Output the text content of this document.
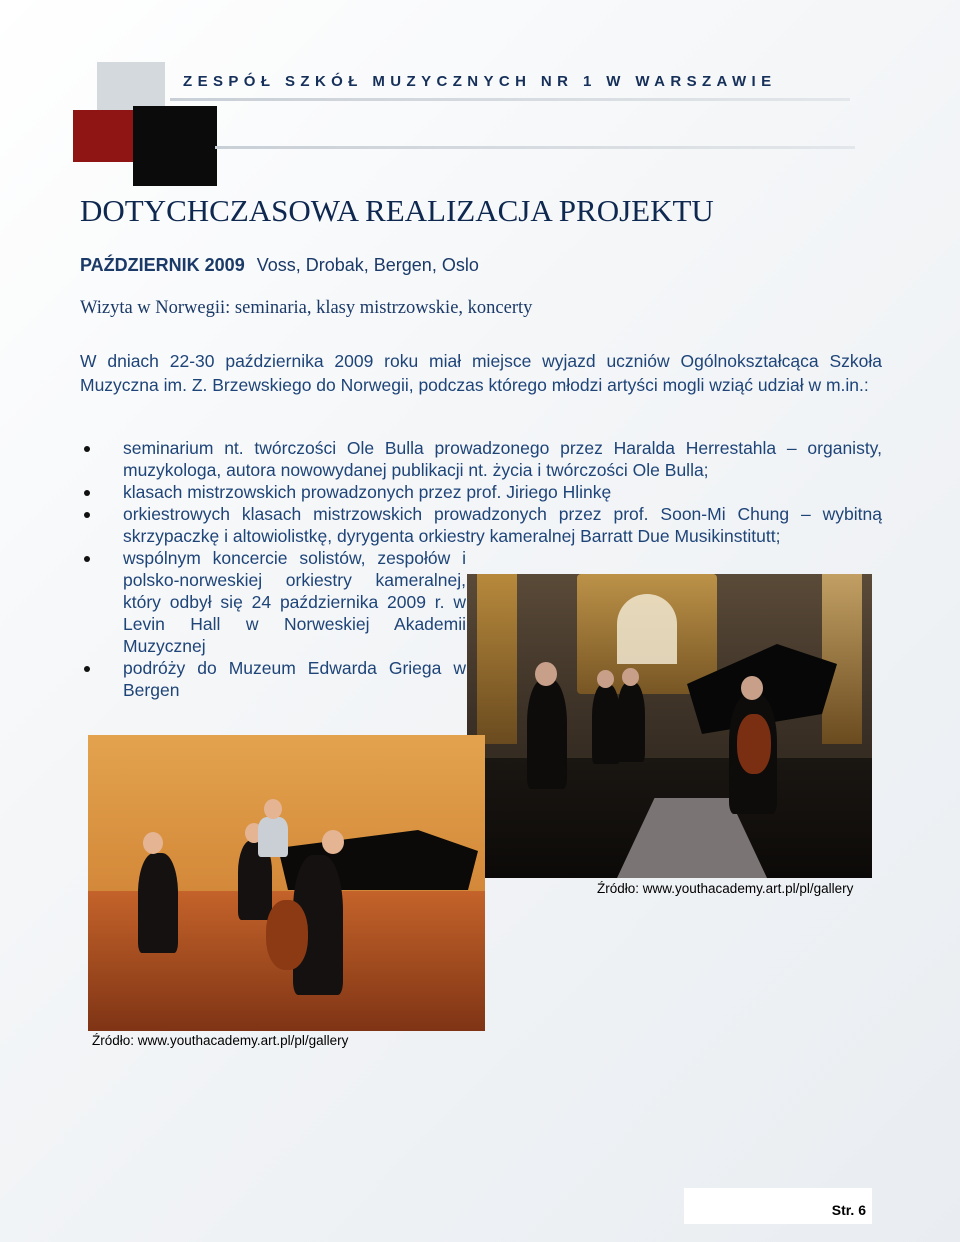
ZESPÓŁ SZKÓŁ MUZYCZNYCH NR 1 W WARSZAWIE

DOTYCHCZASOWA REALIZACJA PROJEKTU
PAŹDZIERNIK 2009 Voss, Drobak, Bergen, Oslo

Wizyta w Norwegii: seminaria, klasy mistrzowskie, koncerty

W dniach 22-30 października 2009 roku miał miejsce wyjazd uczniów Ogólnokształcąca Szkoła Muzyczna im. Z. Brzewskiego do Norwegii, podczas którego młodzi artyści mogli wziąć udział w m.in.:

seminarium nt. twórczości Ole Bulla prowadzonego przez Haralda Herrestahla – organisty, muzykologa, autora nowowydanej publikacji nt. życia i twórczości Ole Bulla;
klasach mistrzowskich prowadzonych przez prof. Jiriego Hlinkę
orkiestrowych klasach mistrzowskich prowadzonych przez prof. Soon-Mi Chung – wybitną skrzypaczkę i altowiolistkę, dyrygenta orkiestry kameralnej Barratt Due Musikinstitutt;
wspólnym koncercie solistów, zespołów i polsko-norweskiej orkiestry kameralnej, który odbył się 24 października 2009 r. w Levin Hall w Norweskiej Akademii Muzycznej
podróży do Muzeum Edwarda Griega w Bergen

Źródło: www.youthacademy.art.pl/pl/gallery

Źródło: www.youthacademy.art.pl/pl/gallery

Str. 6
